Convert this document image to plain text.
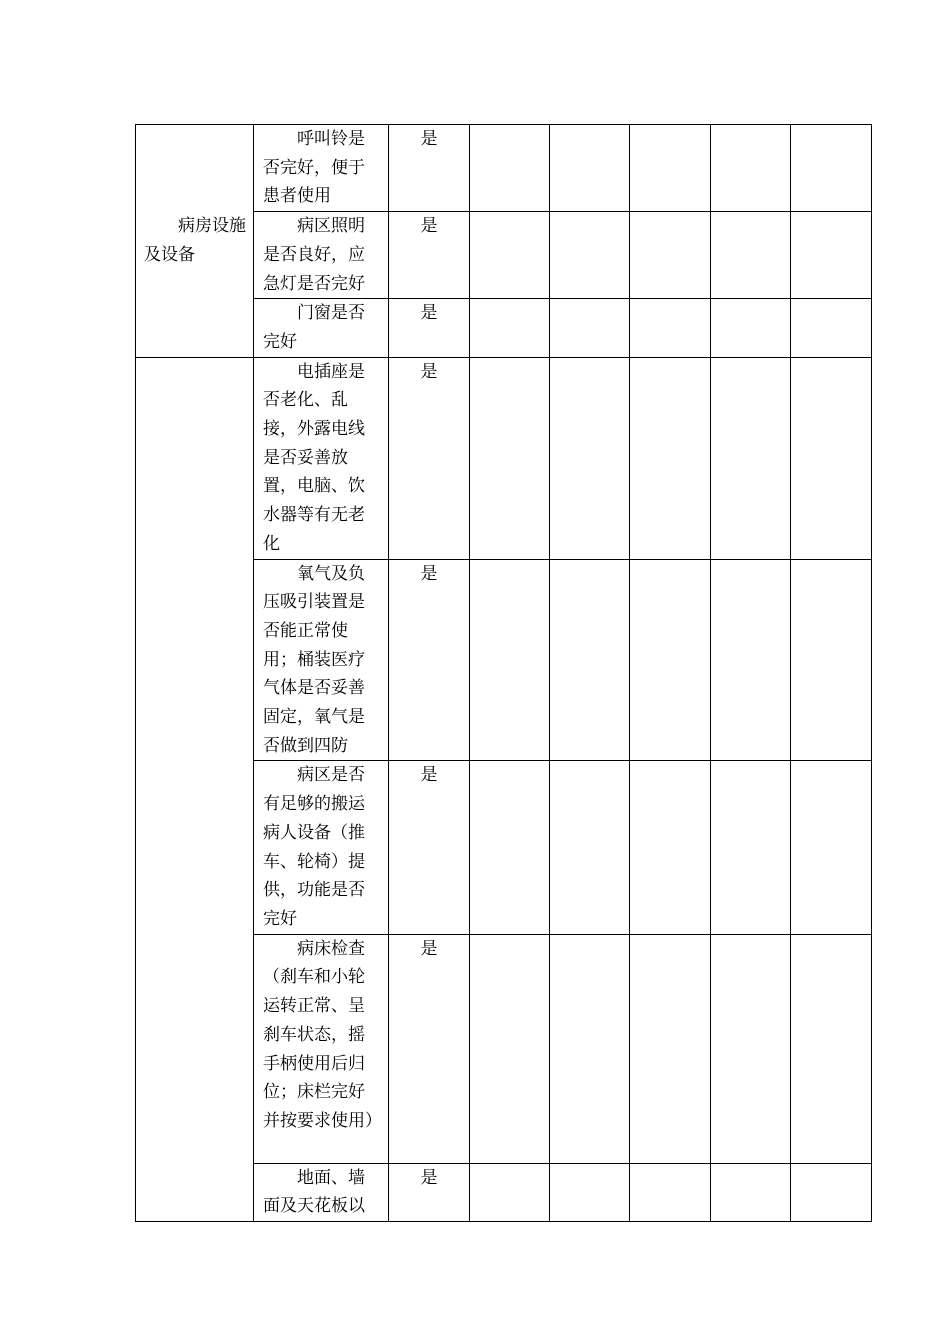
病房设施及设备	呼叫铃是否完好，便于患者使用	是					

	病区照明是否良好，应急灯是否完好	是					

	门窗是否完好	是					

	电插座是否老化、乱接，外露电线是否妥善放置，电脑、饮水器等有无老化	是					

	氧气及负压吸引装置是否能正常使用；桶装医疗气体是否妥善固定，氧气是否做到四防	是					

	病区是否有足够的搬运病人设备（推车、轮椅）提供，功能是否完好	是					

	病床检查（刹车和小轮运转正常、呈刹车状态，摇手柄使用后归位；床栏完好并按要求使用）	是					

	地面、墙面及天花板以	是					
